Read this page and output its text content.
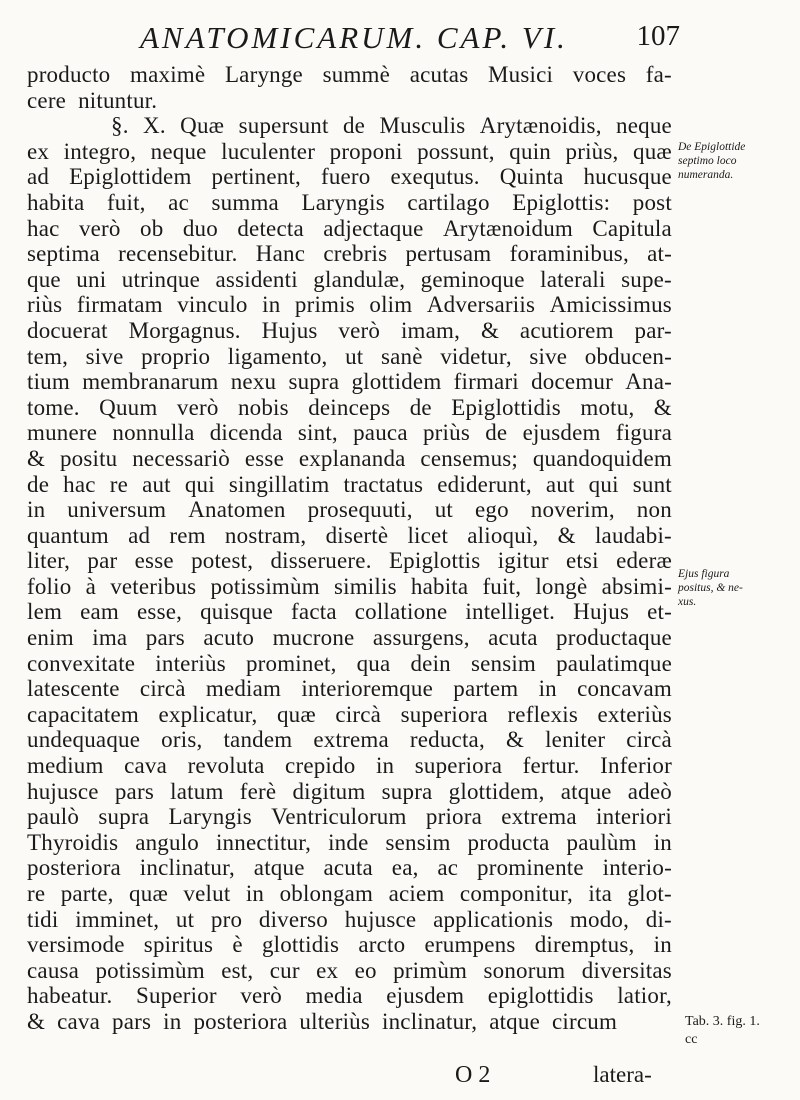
ANATOMICARUM. CAP. VI. 107
producto maximè Larynge summè acutas Musici voces fa-
cere nituntur.
§. X. Quæ supersunt de Musculis Arytænoidis, neque
ex integro, neque luculenter proponi possunt, quin priùs, quæ
ad Epiglottidem pertinent, fuero exequtus. Quinta hucusque
habita fuit, ac summa Laryngis cartilago Epiglottis: post
hac verò ob duo detecta adjectaque Arytænoidum Capitula
septima recensebitur. Hanc crebris pertusam foraminibus, at-
que uni utrinque assidenti glandulæ, geminoque laterali supe-
riùs firmatam vinculo in primis olim Adversariis Amicissimus
docuerat Morgagnus. Hujus verò imam, & acutiorem par-
tem, sive proprio ligamento, ut sanè videtur, sive obducen-
tium membranarum nexu supra glottidem firmari docemur Ana-
tome. Quum verò nobis deinceps de Epiglottidis motu, &
munere nonnulla dicenda sint, pauca priùs de ejusdem figura
& positu necessariò esse explananda censemus; quandoquidem
de hac re aut qui singillatim tractatus ediderunt, aut qui sunt
in universum Anatomen prosequuti, ut ego noverim, non
quantum ad rem nostram, disertè licet alioquì, & laudabi-
liter, par esse potest, disseruere. Epiglottis igitur etsi ederæ
folio à veteribus potissimùm similis habita fuit, longè absimi-
lem eam esse, quisque facta collatione intelliget. Hujus et-
enim ima pars acuto mucrone assurgens, acuta productaque
convexitate interiùs prominet, qua dein sensim paulatimque
latescente circà mediam interioremque partem in concavam
capacitatem explicatur, quæ circà superiora reflexis exteriùs
undequaque oris, tandem extrema reducta, & leniter circà
medium cava revoluta crepido in superiora fertur. Inferior
hujusce pars latum ferè digitum supra glottidem, atque adeò
paulò supra Laryngis Ventriculorum priora extrema interiori
Thyroidis angulo innectitur, inde sensim producta paulùm in
posteriora inclinatur, atque acuta ea, ac prominente interio-
re parte, quæ velut in oblongam aciem componitur, ita glot-
tidi imminet, ut pro diverso hujusce applicationis modo, di-
versimode spiritus è glottidis arcto erumpens diremptus, in
causa potissimùm est, cur ex eo primùm sonorum diversitas
habeatur. Superior verò media ejusdem epiglottidis latior,
& cava pars in posteriora ulteriùs inclinatur, atque circum
De Epiglottide
septimo loco
numeranda.
Ejus figura
positus, & ne-
xus.
Tab. 3. fig. 1.
cc
O 2	latera-
